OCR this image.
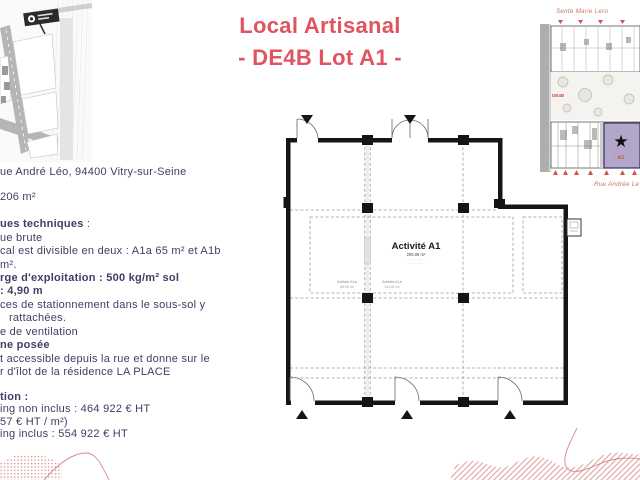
Local Artisanal
- DE4B Lot A1 -
ue André Léo, 94400 Vitry-sur-Seine
206 m²
ues techniques :
ue brute
cal est divisible en deux : A1a 65 m² et A1b
m².
rge d'exploitation : 500 kg/m² sol
: 4,90 m
ces de stationnement dans le sous-sol y
rattachées.
e de ventilation
ne posée
t accessible depuis la rue et donne sur le
r d'îlot de la résidence LA PLACE
tion :
ing non inclus : 464 922 € HT
57 € HT / m²)
ing inclus : 554 922 € HT
Activité A1
206.06 m²
··· ····· ·······
· ···· ·····
Activité A1a
65.05 m²
Activité A1b
141.01 m²
Sente Marie Lero
DE4B
★
· A1 ·
Rue Andrée Le
